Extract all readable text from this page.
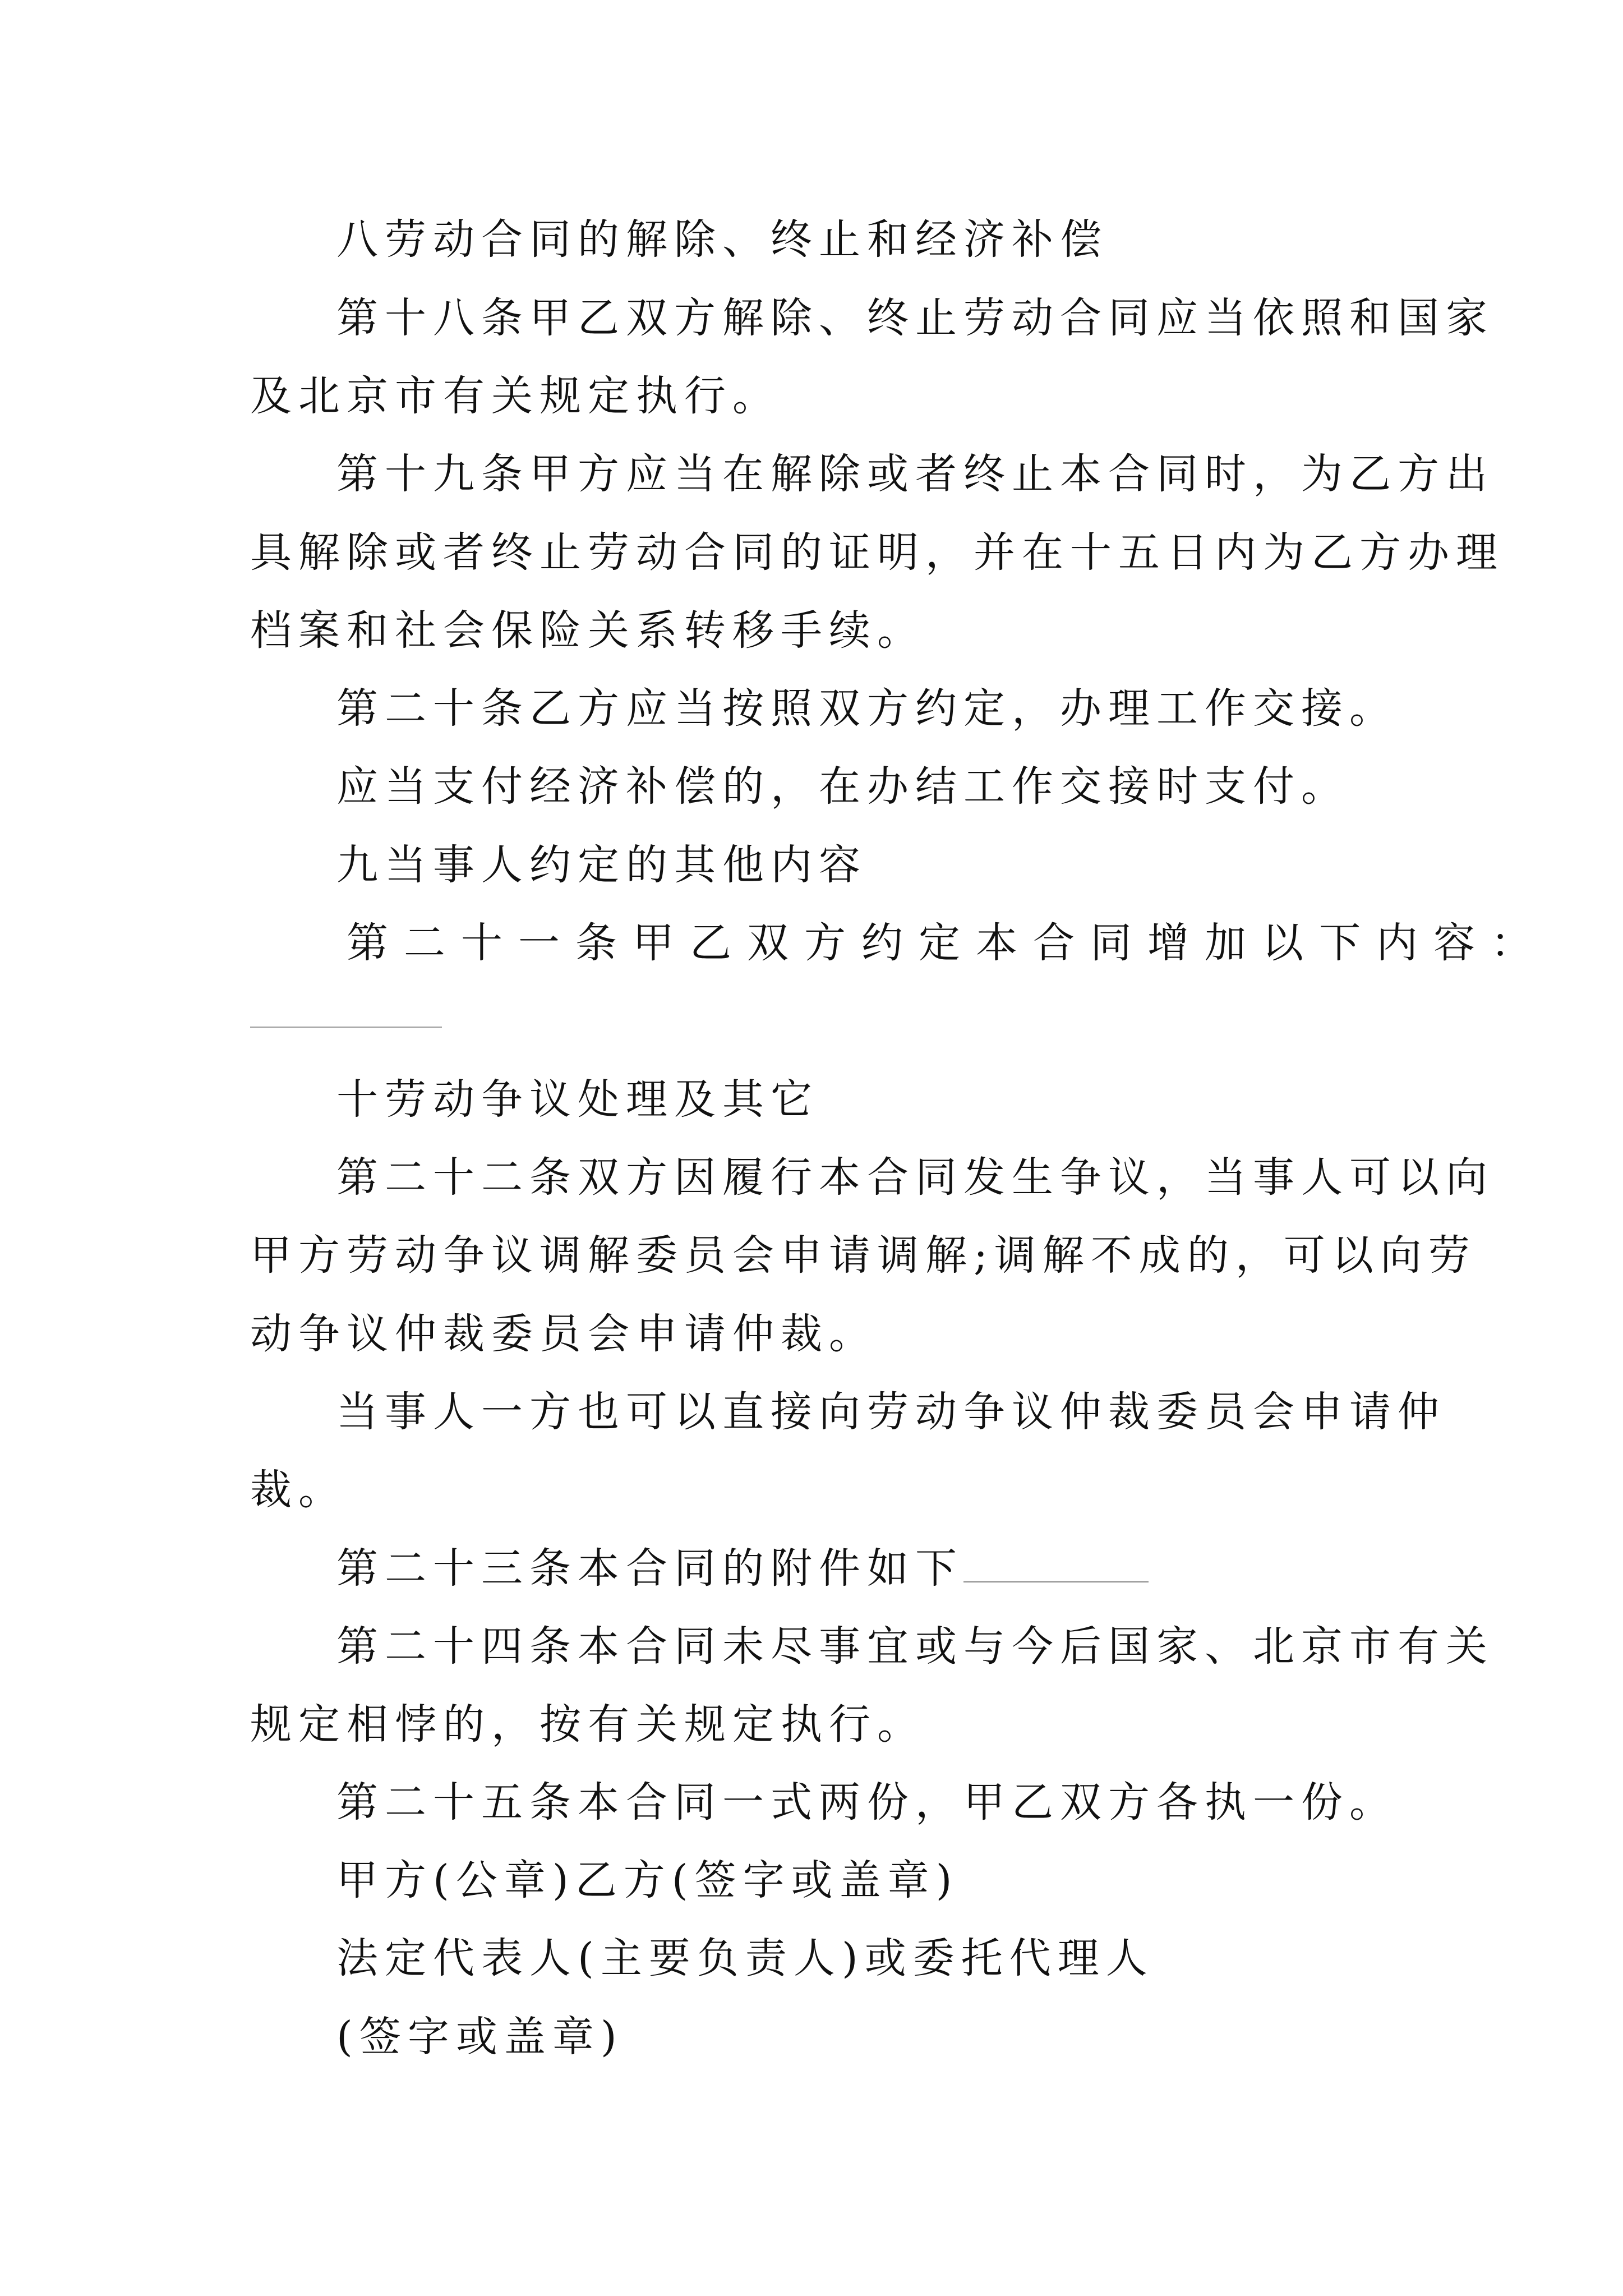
八劳动合同的解除、终止和经济补偿

第十八条甲乙双方解除、终止劳动合同应当依照和国家

及北京市有关规定执行。

第十九条甲方应当在解除或者终止本合同时，为乙方出

具解除或者终止劳动合同的证明，并在十五日内为乙方办理

档案和社会保险关系转移手续。

第二十条乙方应当按照双方约定，办理工作交接。

应当支付经济补偿的，在办结工作交接时支付。

九当事人约定的其他内容

第二十一条甲乙双方约定本合同增加以下内容：

十劳动争议处理及其它

第二十二条双方因履行本合同发生争议，当事人可以向

甲方劳动争议调解委员会申请调解;调解不成的，可以向劳

动争议仲裁委员会申请仲裁。

当事人一方也可以直接向劳动争议仲裁委员会申请仲

裁。

第二十三条本合同的附件如下

第二十四条本合同未尽事宜或与今后国家、北京市有关

规定相悖的，按有关规定执行。

第二十五条本合同一式两份，甲乙双方各执一份。

甲方(公章)乙方(签字或盖章)

法定代表人(主要负责人)或委托代理人

(签字或盖章)
